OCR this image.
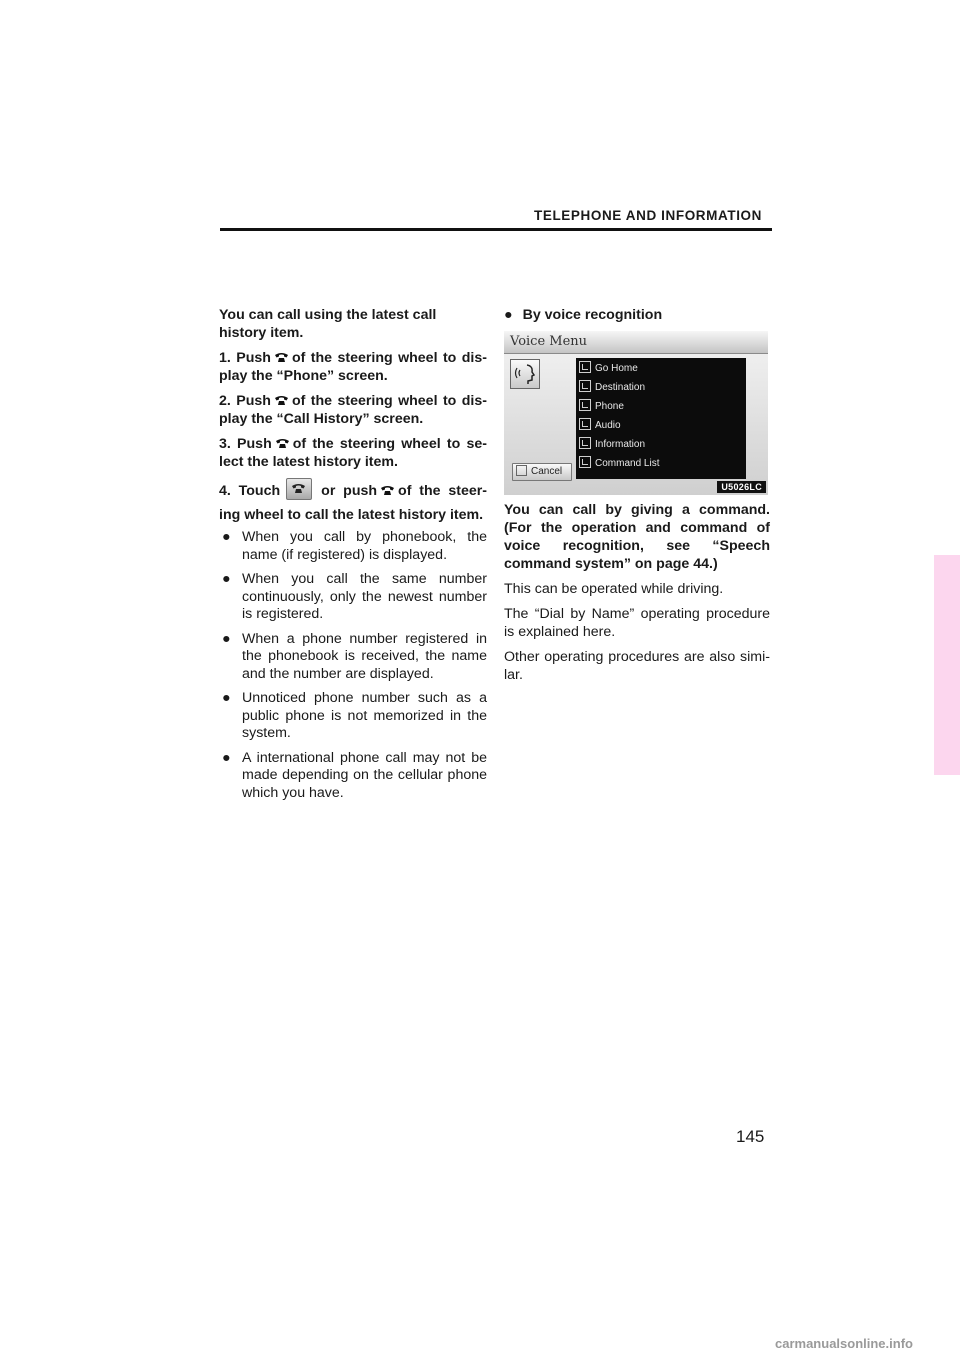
TELEPHONE AND INFORMATION

You can call using the latest call history item.

1. Push of the steering wheel to dis-play the “Phone” screen.

2. Push of the steering wheel to dis-play the “Call History” screen.

3. Push of the steering wheel to se-lect the latest history item.

4. Touch	or push of the steer-ing wheel to call the latest history item.

● When you call by phonebook, the name (if registered) is displayed.
● When you call the same number continuously, only the newest number is registered.
● When a phone number registered in the phonebook is received, the name and the number are displayed.
● Unnoticed phone number such as a public phone is not memorized in the system.
● A international phone call may not be made depending on the cellular phone which you have.

● By voice recognition

Voice Menu
Go Home
Destination
Phone
Audio
Information
Command List
Cancel
U5026LC

You can call by giving a command. (For the operation and command of voice recognition, see “Speech command system” on page 44.)

This can be operated while driving.

The “Dial by Name” operating procedure is explained here.

Other operating procedures are also simi-lar.

145
carmanualsonline.info
